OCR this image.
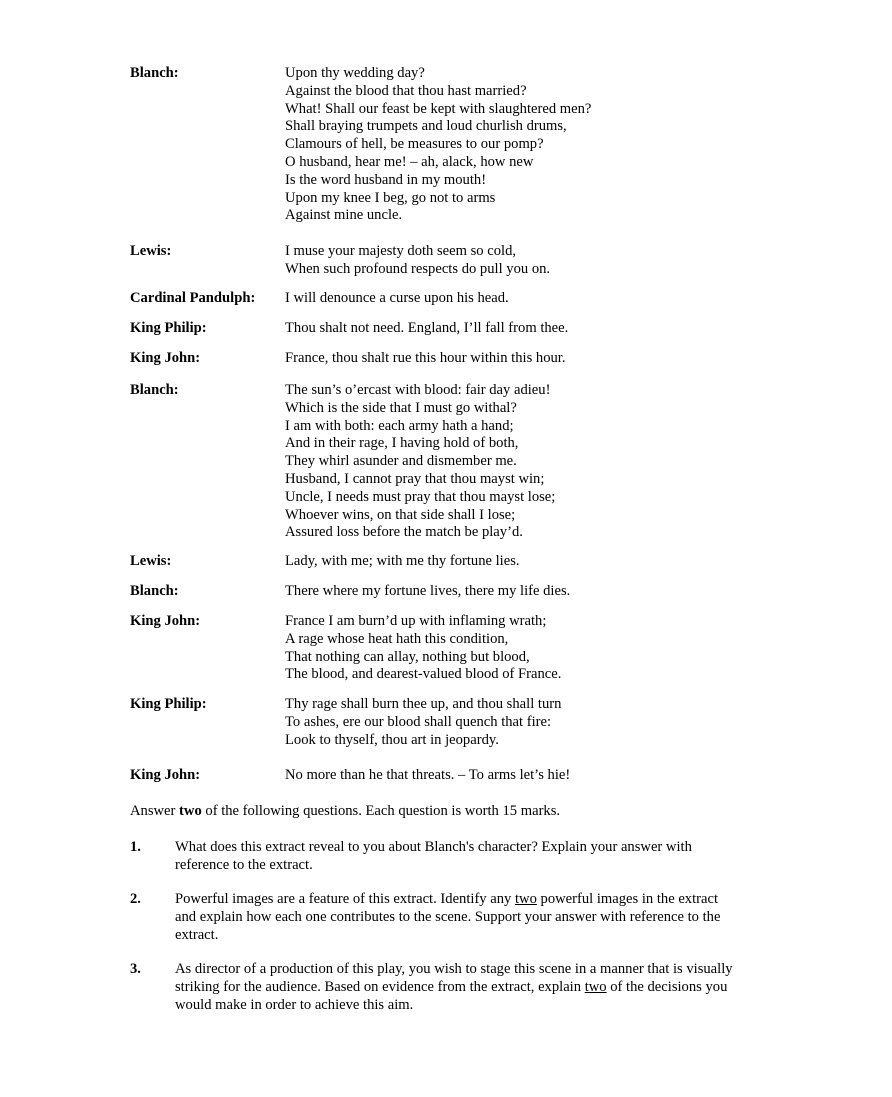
Blanch:	Upon thy wedding day?
Against the blood that thou hast married?
What! Shall our feast be kept with slaughtered men?
Shall braying trumpets and loud churlish drums,
Clamours of hell, be measures to our pomp?
O husband, hear me! – ah, alack, how new
Is the word husband in my mouth!
Upon my knee I beg, go not to arms
Against mine uncle.
Lewis:	I muse your majesty doth seem so cold,
When such profound respects do pull you on.
Cardinal Pandulph: I will denounce a curse upon his head.
King Philip:	Thou shalt not need. England, I’ll fall from thee.
King John:	France, thou shalt rue this hour within this hour.
Blanch:	The sun’s o’ercast with blood: fair day adieu!
Which is the side that I must go withal?
I am with both: each army hath a hand;
And in their rage, I having hold of both,
They whirl asunder and dismember me.
Husband, I cannot pray that thou mayst win;
Uncle, I needs must pray that thou mayst lose;
Whoever wins, on that side shall I lose;
Assured loss before the match be play’d.
Lewis:	Lady, with me; with me thy fortune lies.
Blanch:	There where my fortune lives, there my life dies.
King John:	France I am burn’d up with inflaming wrath;
A rage whose heat hath this condition,
That nothing can allay, nothing but blood,
The blood, and dearest-valued blood of France.
King Philip:	Thy rage shall burn thee up, and thou shall turn
To ashes, ere our blood shall quench that fire:
Look to thyself, thou art in jeopardy.
King John:	No more than he that threats. – To arms let’s hie!
Answer two of the following questions. Each question is worth 15 marks.
1. What does this extract reveal to you about Blanch's character? Explain your answer with reference to the extract.
2. Powerful images are a feature of this extract. Identify any two powerful images in the extract and explain how each one contributes to the scene. Support your answer with reference to the extract.
3. As director of a production of this play, you wish to stage this scene in a manner that is visually striking for the audience. Based on evidence from the extract, explain two of the decisions you would make in order to achieve this aim.
